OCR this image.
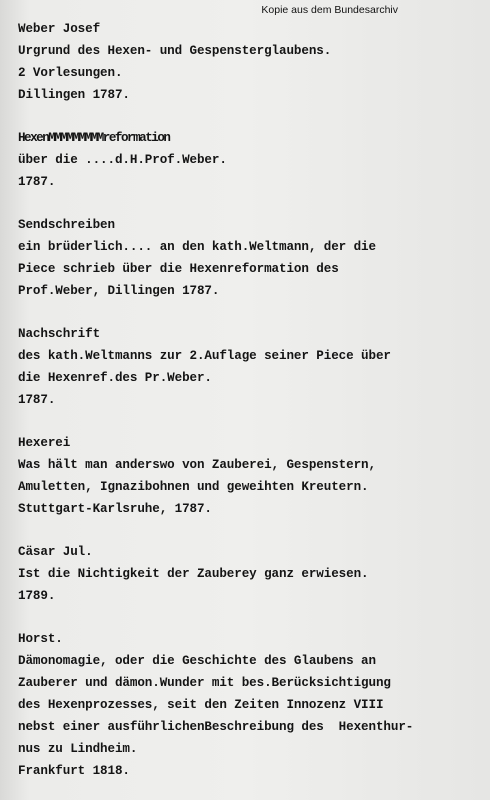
Kopie aus dem Bundesarchiv
Weber Josef
Urgrund des Hexen- und Gespensterglaubens.
2 Vorlesungen.
Dillingen 1787.
HexenMMMMMMMMMreformation
über die ....d.H.Prof.Weber.
1787.
Sendschreiben
ein brüderlich.... an den kath.Weltmann, der die
Piece schrieb über die Hexenreformation des
Prof.Weber, Dillingen 1787.
Nachschrift
des kath.Weltmanns zur 2.Auflage seiner Piece über
die Hexenref.des Pr.Weber.
1787.
Hexerei
Was hält man anderswo von Zauberei, Gespenstern,
Amuletten, Ignazibohnen und geweihten Kreutern.
Stuttgart-Karlsruhe, 1787.
Cäsar Jul.
Ist die Nichtigkeit der Zauberey ganz erwiesen.
1789.
Horst.
Dämonomagie, oder die Geschichte des Glaubens an
Zauberer und dämon.Wunder mit bes.Berücksichtigung
des Hexenprozesses, seit den Zeiten Innozenz VIII
nebst einer ausführlichenBeschreibung des  Hexenthur-
nus zu Lindheim.
Frankfurt 1818.
